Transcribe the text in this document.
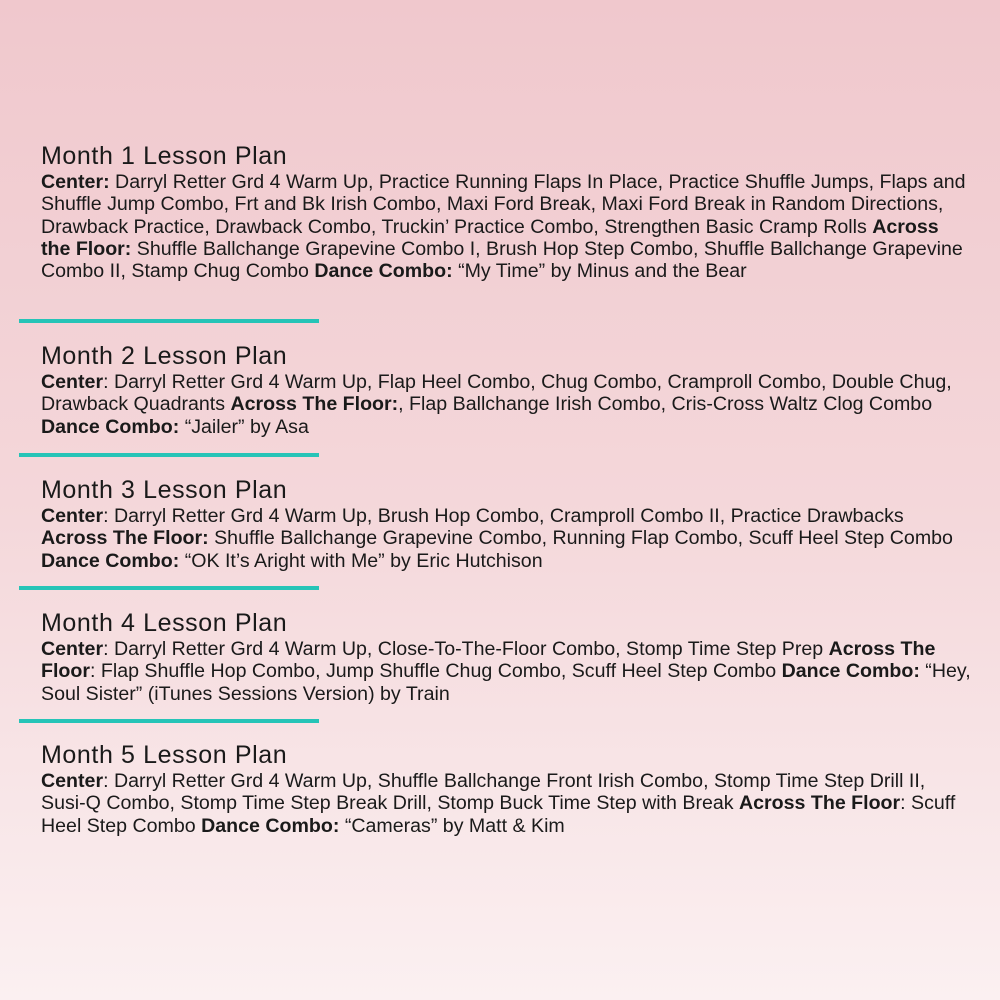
Month 1 Lesson Plan

Center: Darryl Retter Grd 4 Warm Up, Practice Running Flaps In Place, Practice Shuffle Jumps, Flaps and Shuffle Jump Combo, Frt and Bk Irish Combo, Maxi Ford Break, Maxi Ford Break in Random Directions, Drawback Practice, Drawback Combo, Truckin’ Practice Combo, Strengthen Basic Cramp Rolls Across the Floor: Shuffle Ballchange Grapevine Combo I, Brush Hop Step Combo, Shuffle Ballchange Grapevine Combo II, Stamp Chug Combo Dance Combo: “My Time” by Minus and the Bear

Month 2 Lesson Plan

Center: Darryl Retter Grd 4 Warm Up, Flap Heel Combo, Chug Combo, Cramproll Combo, Double Chug, Drawback Quadrants Across The Floor:, Flap Ballchange Irish Combo, Cris-Cross Waltz Clog Combo Dance Combo: “Jailer” by Asa

Month 3 Lesson Plan

Center: Darryl Retter Grd 4 Warm Up, Brush Hop Combo, Cramproll Combo II, Practice Drawbacks Across The Floor: Shuffle Ballchange Grapevine Combo, Running Flap Combo, Scuff Heel Step Combo Dance Combo: “OK It’s Aright with Me” by Eric Hutchison

Month 4 Lesson Plan

Center: Darryl Retter Grd 4 Warm Up, Close-To-The-Floor Combo, Stomp Time Step Prep Across The Floor: Flap Shuffle Hop Combo, Jump Shuffle Chug Combo, Scuff Heel Step Combo Dance Combo: “Hey, Soul Sister” (iTunes Sessions Version) by Train

Month 5 Lesson Plan

Center: Darryl Retter Grd 4 Warm Up, Shuffle Ballchange Front Irish Combo, Stomp Time Step Drill II, Susi-Q Combo, Stomp Time Step Break Drill, Stomp Buck Time Step with Break Across The Floor: Scuff Heel Step Combo Dance Combo: “Cameras” by Matt & Kim
